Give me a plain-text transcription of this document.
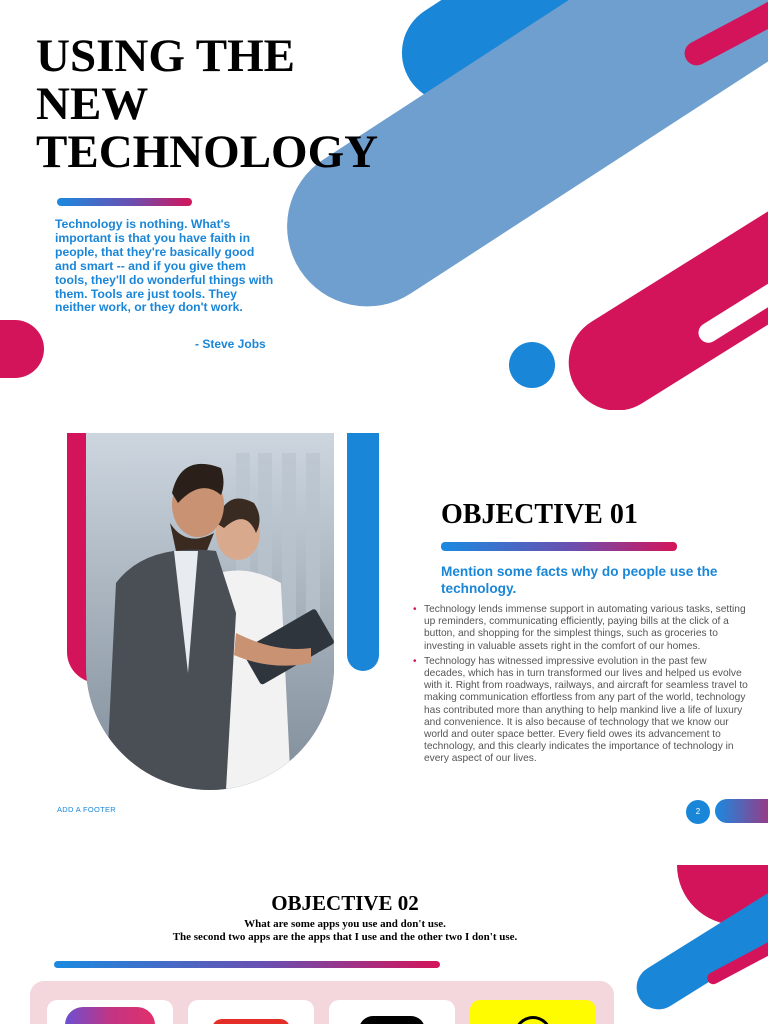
USING THE
NEW
TECHNOLOGY

Technology is nothing. What's important is that you have faith in people, that they're basically good and smart -- and if you give them tools, they'll do wonderful things with them. Tools are just tools. They neither work, or they don't work.

- Steve Jobs

OBJECTIVE 01

Mention some facts why do people use the technology.

• Technology lends immense support in automating various tasks, setting up reminders, communicating efficiently, paying bills at the click of a button, and shopping for the simplest things, such as groceries to investing in valuable assets right in the comfort of our homes.
• Technology has witnessed impressive evolution in the past few decades, which has in turn transformed our lives and helped us evolve with it. Right from roadways, railways, and aircraft for seamless travel to making communication effortless from any part of the world, technology has contributed more than anything to help mankind live a life of luxury and convenience. It is also because of technology that we know our world and outer space better. Every field owes its advancement to technology, and this clearly indicates the importance of technology in every aspect of our lives.
ADD A FOOTER	2
OBJECTIVE 02

What are some apps you use and don't use.

The second two apps are the apps that I use and the other two I don't use.
